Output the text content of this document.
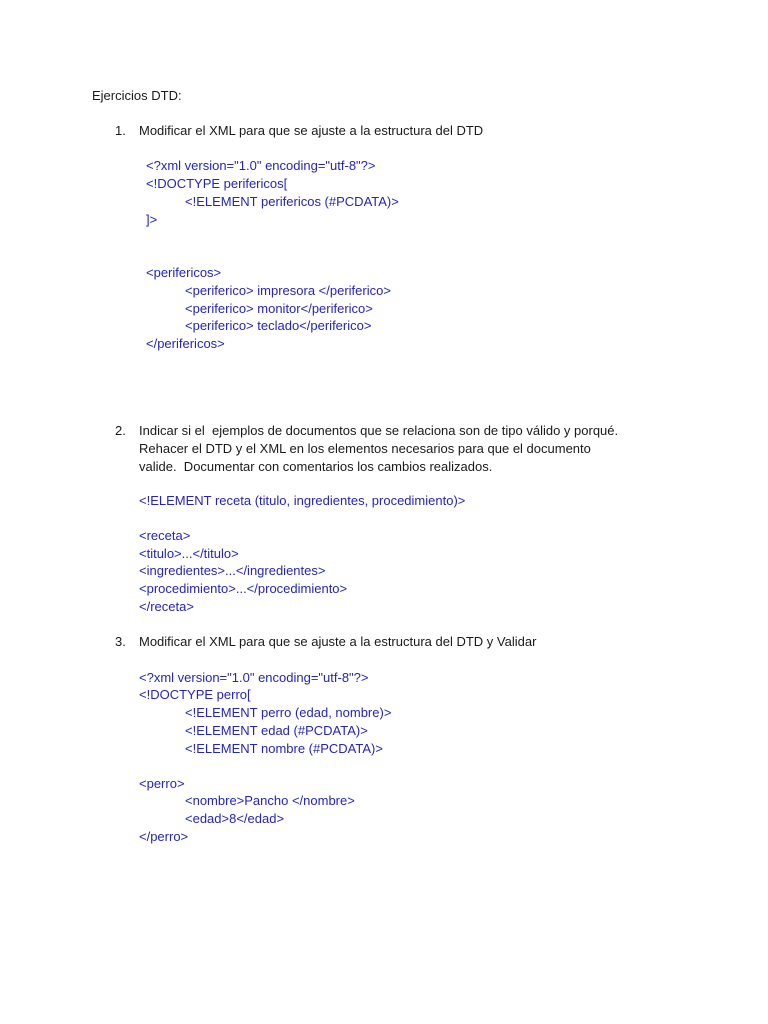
Ejercicios DTD:
1. Modificar el XML para que se ajuste a la estructura del DTD
<?xml version="1.0" encoding="utf-8"?>
<!DOCTYPE perifericos[
<!ELEMENT perifericos (#PCDATA)>
]>
<perifericos>
<periferico> impresora </periferico>
<periferico> monitor</periferico>
<periferico> teclado</periferico>
</perifericos>
2. Indicar si el  ejemplos de documentos que se relaciona son de tipo válido y porqué.
Rehacer el DTD y el XML en los elementos necesarios para que el documento
valide.  Documentar con comentarios los cambios realizados.
<!ELEMENT receta (titulo, ingredientes, procedimiento)>
<receta>
<titulo>...</titulo>
<ingredientes>...</ingredientes>
<procedimiento>...</procedimiento>
</receta>
3. Modificar el XML para que se ajuste a la estructura del DTD y Validar
<?xml version="1.0" encoding="utf-8"?>
<!DOCTYPE perro[
<!ELEMENT perro (edad, nombre)>
<!ELEMENT edad (#PCDATA)>
<!ELEMENT nombre (#PCDATA)>
<perro>
<nombre>Pancho </nombre>
<edad>8</edad>
</perro>
